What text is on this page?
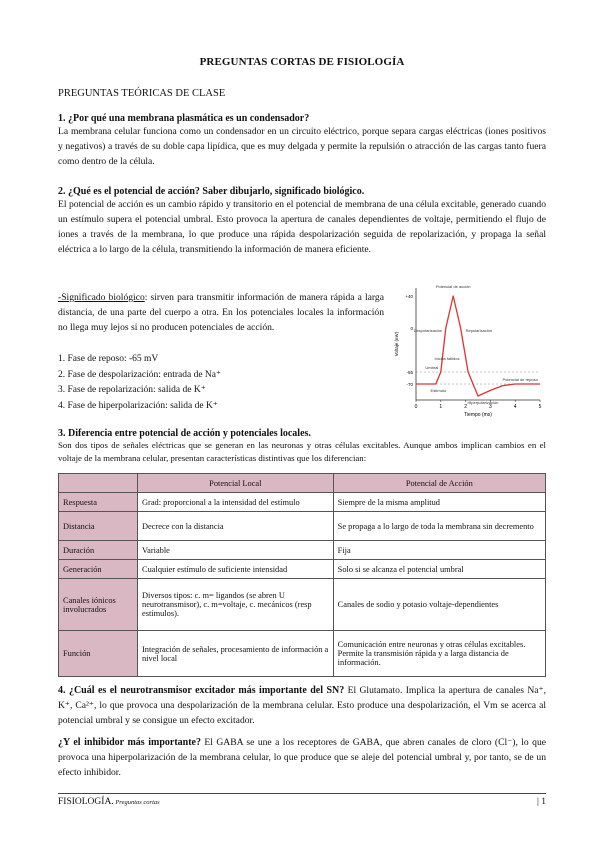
PREGUNTAS CORTAS DE FISIOLOGÍA
PREGUNTAS TEÓRICAS DE CLASE
1. ¿Por qué una membrana plasmática es un condensador?
La membrana celular funciona como un condensador en un circuito eléctrico, porque separa cargas eléctricas (iones positivos y negativos) a través de su doble capa lipídica, que es muy delgada y permite la repulsión o atracción de las cargas tanto fuera como dentro de la célula.
2. ¿Qué es el potencial de acción? Saber dibujarlo, significado biológico.
El potencial de acción es un cambio rápido y transitorio en el potencial de membrana de una célula excitable, generado cuando un estímulo supera el potencial umbral. Esto provoca la apertura de canales dependientes de voltaje, permitiendo el flujo de iones a través de la membrana, lo que produce una rápida despolarización seguida de repolarización, y propaga la señal eléctrica a lo largo de la célula, transmitiendo la información de manera eficiente.
-Significado biológico: sirven para transmitir información de manera rápida a larga distancia, de una parte del cuerpo a otra. En los potenciales locales la información no llega muy lejos si no producen potenciales de acción.
1. Fase de reposo: -65 mV
2. Fase de despolarización: entrada de Na⁺
3. Fase de repolarización: salida de K⁺
4. Fase de hiperpolarización: salida de K⁺	0	1	2	3	4	5
+40
0
-55
-70
Tiempo (ms)
Voltaje (mV)
Potencial de acción
Despolarización	Repolarización
Umbral
Estímulo
Inicios fallidos
Hiperpolarización
Potencial de reposo
3. Diferencia entre potencial de acción y potenciales locales.
Son dos tipos de señales eléctricas que se generan en las neuronas y otras células excitables. Aunque ambos implican cambios en el voltaje de la membrana celular, presentan características distintivas que los diferencian:
	Potencial Local	Potencial de Acción
Respuesta	Grad: proporcional a la intensidad del estímulo	Siempre de la misma amplitud
Distancia	Decrece con la distancia	Se propaga a lo largo de toda la membrana sin decremento
Duración	Variable	Fija
Generación	Cualquier estímulo de suficiente intensidad	Solo si se alcanza el potencial umbral
Canales iónicos involucrados	Diversos tipos: c. m= ligandos (se abren U neurotransmisor), c. m=voltaje, c. mecánicos (resp estímulos).	Canales de sodio y potasio voltaje-dependientes
Función	Integración de señales, procesamiento de información a nivel local	Comunicación entre neuronas y otras células excitables. Permite la transmisión rápida y a larga distancia de información.
4. ¿Cuál es el neurotransmisor excitador más importante del SN? El Glutamato. Implica la apertura de canales Na⁺, K⁺, Ca²⁺, lo que provoca una despolarización de la membrana celular. Esto produce una despolarización, el Vm se acerca al potencial umbral y se consigue un efecto excitador.
¿Y el inhibidor más importante? El GABA se une a los receptores de GABA, que abren canales de cloro (Cl⁻), lo que provoca una hiperpolarización de la membrana celular, lo que produce que se aleje del potencial umbral y, por tanto, se de un efecto inhibidor.
FISIOLOGÍA. Preguntas cortas	| 1
